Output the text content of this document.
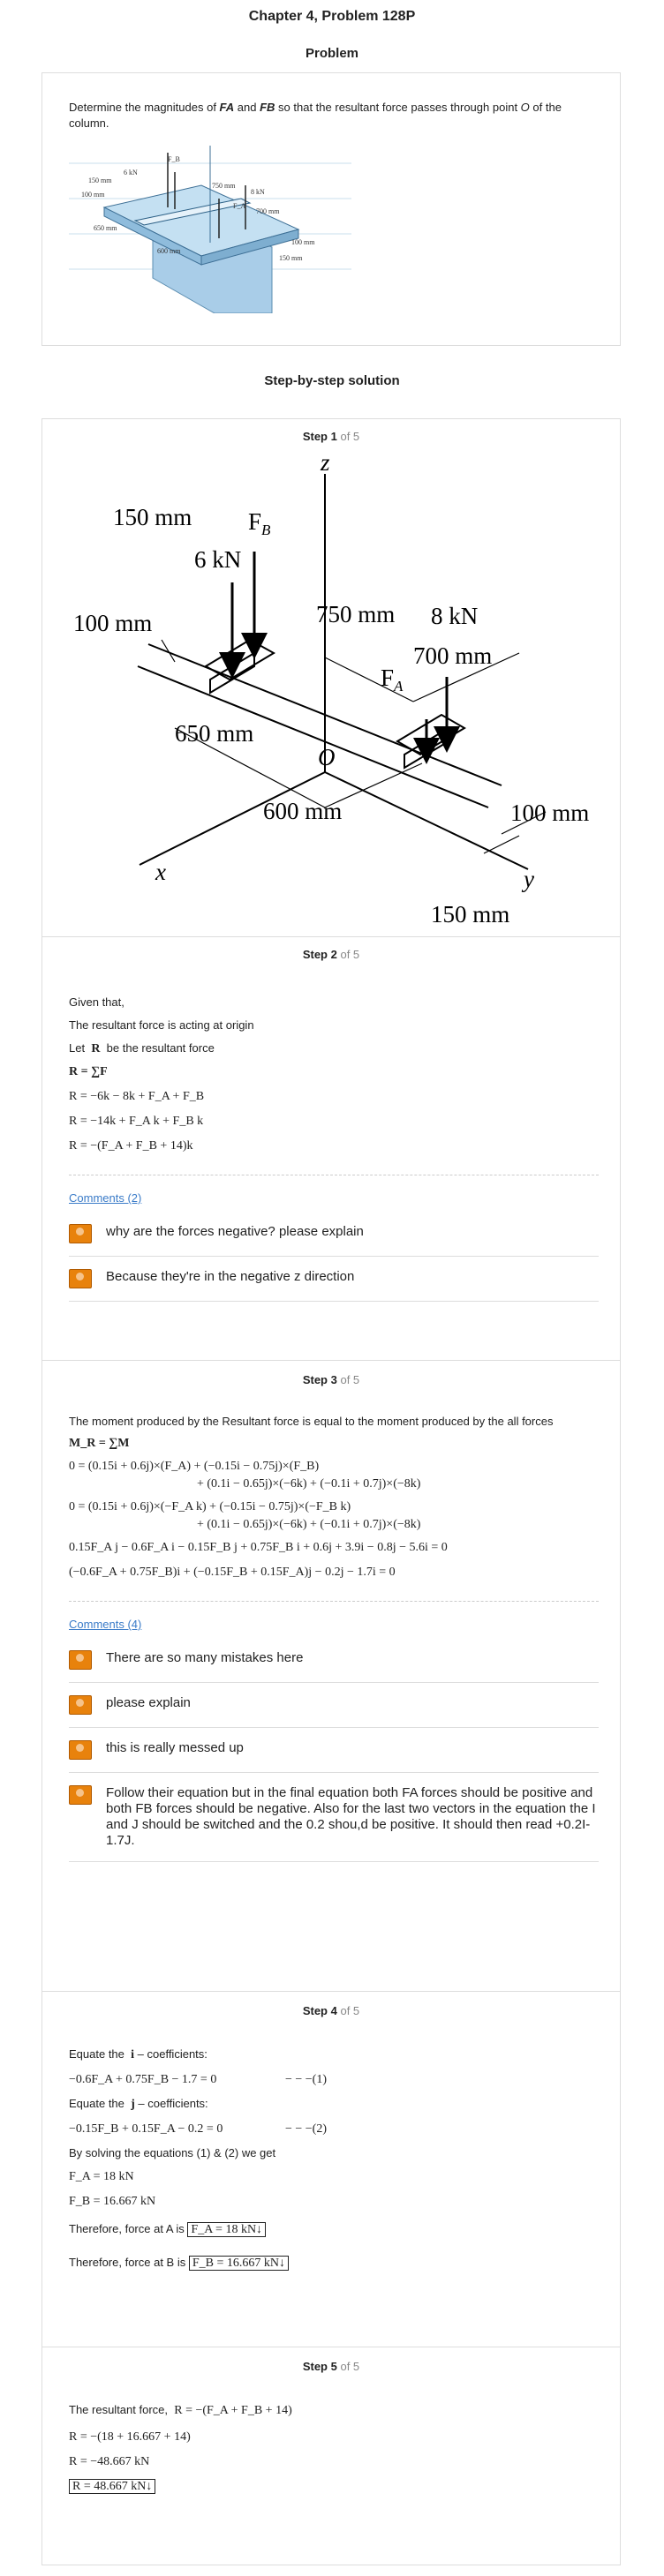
Chapter 4, Problem 128P
Problem

Determine the magnitudes of FA and FB so that the resultant force passes through point O of the column.

150 mm
6 kN
F_B
750 mm
8 kN
100 mm
F_A
700 mm
650 mm
100 mm
600 mm
150 mm
Step-by-step solution
Step 1 of 5
z
x	y
O
150 mm
6 kN
$F_B$
100 mm	750 mm 8 kN
$F_A$
700 mm
650 mm
600 mm	100 mm
150 mm
Step 2 of 5

Given that,

The resultant force is acting at origin

Let R be the resultant force

R = ∑F

R = −6k − 8k + F_A + F_B

R = −14k + F_A k + F_B k

R = −(F_A + F_B + 14)k

Comments (2)
why are the forces negative? please explain
Because they're in the negative z direction
Step 3 of 5

The moment produced by the Resultant force is equal to the moment produced by the all forces

M_R = ∑M

0 = (0.15i + 0.6j)×(F_A) + (−0.15i − 0.75j)×(F_B)

+ (0.1i − 0.65j)×(−6k) + (−0.1i + 0.7j)×(−8k)

0 = (0.15i + 0.6j)×(−F_A k) + (−0.15i − 0.75j)×(−F_B k)

+ (0.1i − 0.65j)×(−6k) + (−0.1i + 0.7j)×(−8k)

0.15F_A j − 0.6F_A i − 0.15F_B j + 0.75F_B i + 0.6j + 3.9i − 0.8j − 5.6i = 0

(−0.6F_A + 0.75F_B)i + (−0.15F_B + 0.15F_A)j − 0.2j − 1.7i = 0

Comments (4)
There are so many mistakes here
please explain
this is really messed up
Follow their equation but in the final equation both FA forces should be positive and both FB forces should be negative. Also for the last two vectors in the equation the I and J should be switched and the 0.2 shou,d be positive. It should then read +0.2I-1.7J.
Step 4 of 5

Equate the i – coefficients:

−0.6F_A + 0.75F_B − 1.7 = 0	− − −(1)

Equate the j – coefficients:

−0.15F_B + 0.15F_A − 0.2 = 0	− − −(2)

By solving the equations (1) & (2) we get

F_A = 18 kN

F_B = 16.667 kN

Therefore, force at A is F_A = 18 kN↓

Therefore, force at B is F_B = 16.667 kN↓

Step 5 of 5

The resultant force, R = −(F_A + F_B + 14)

R = −(18 + 16.667 + 14)

R = −48.667 kN

R = 48.667 kN↓
